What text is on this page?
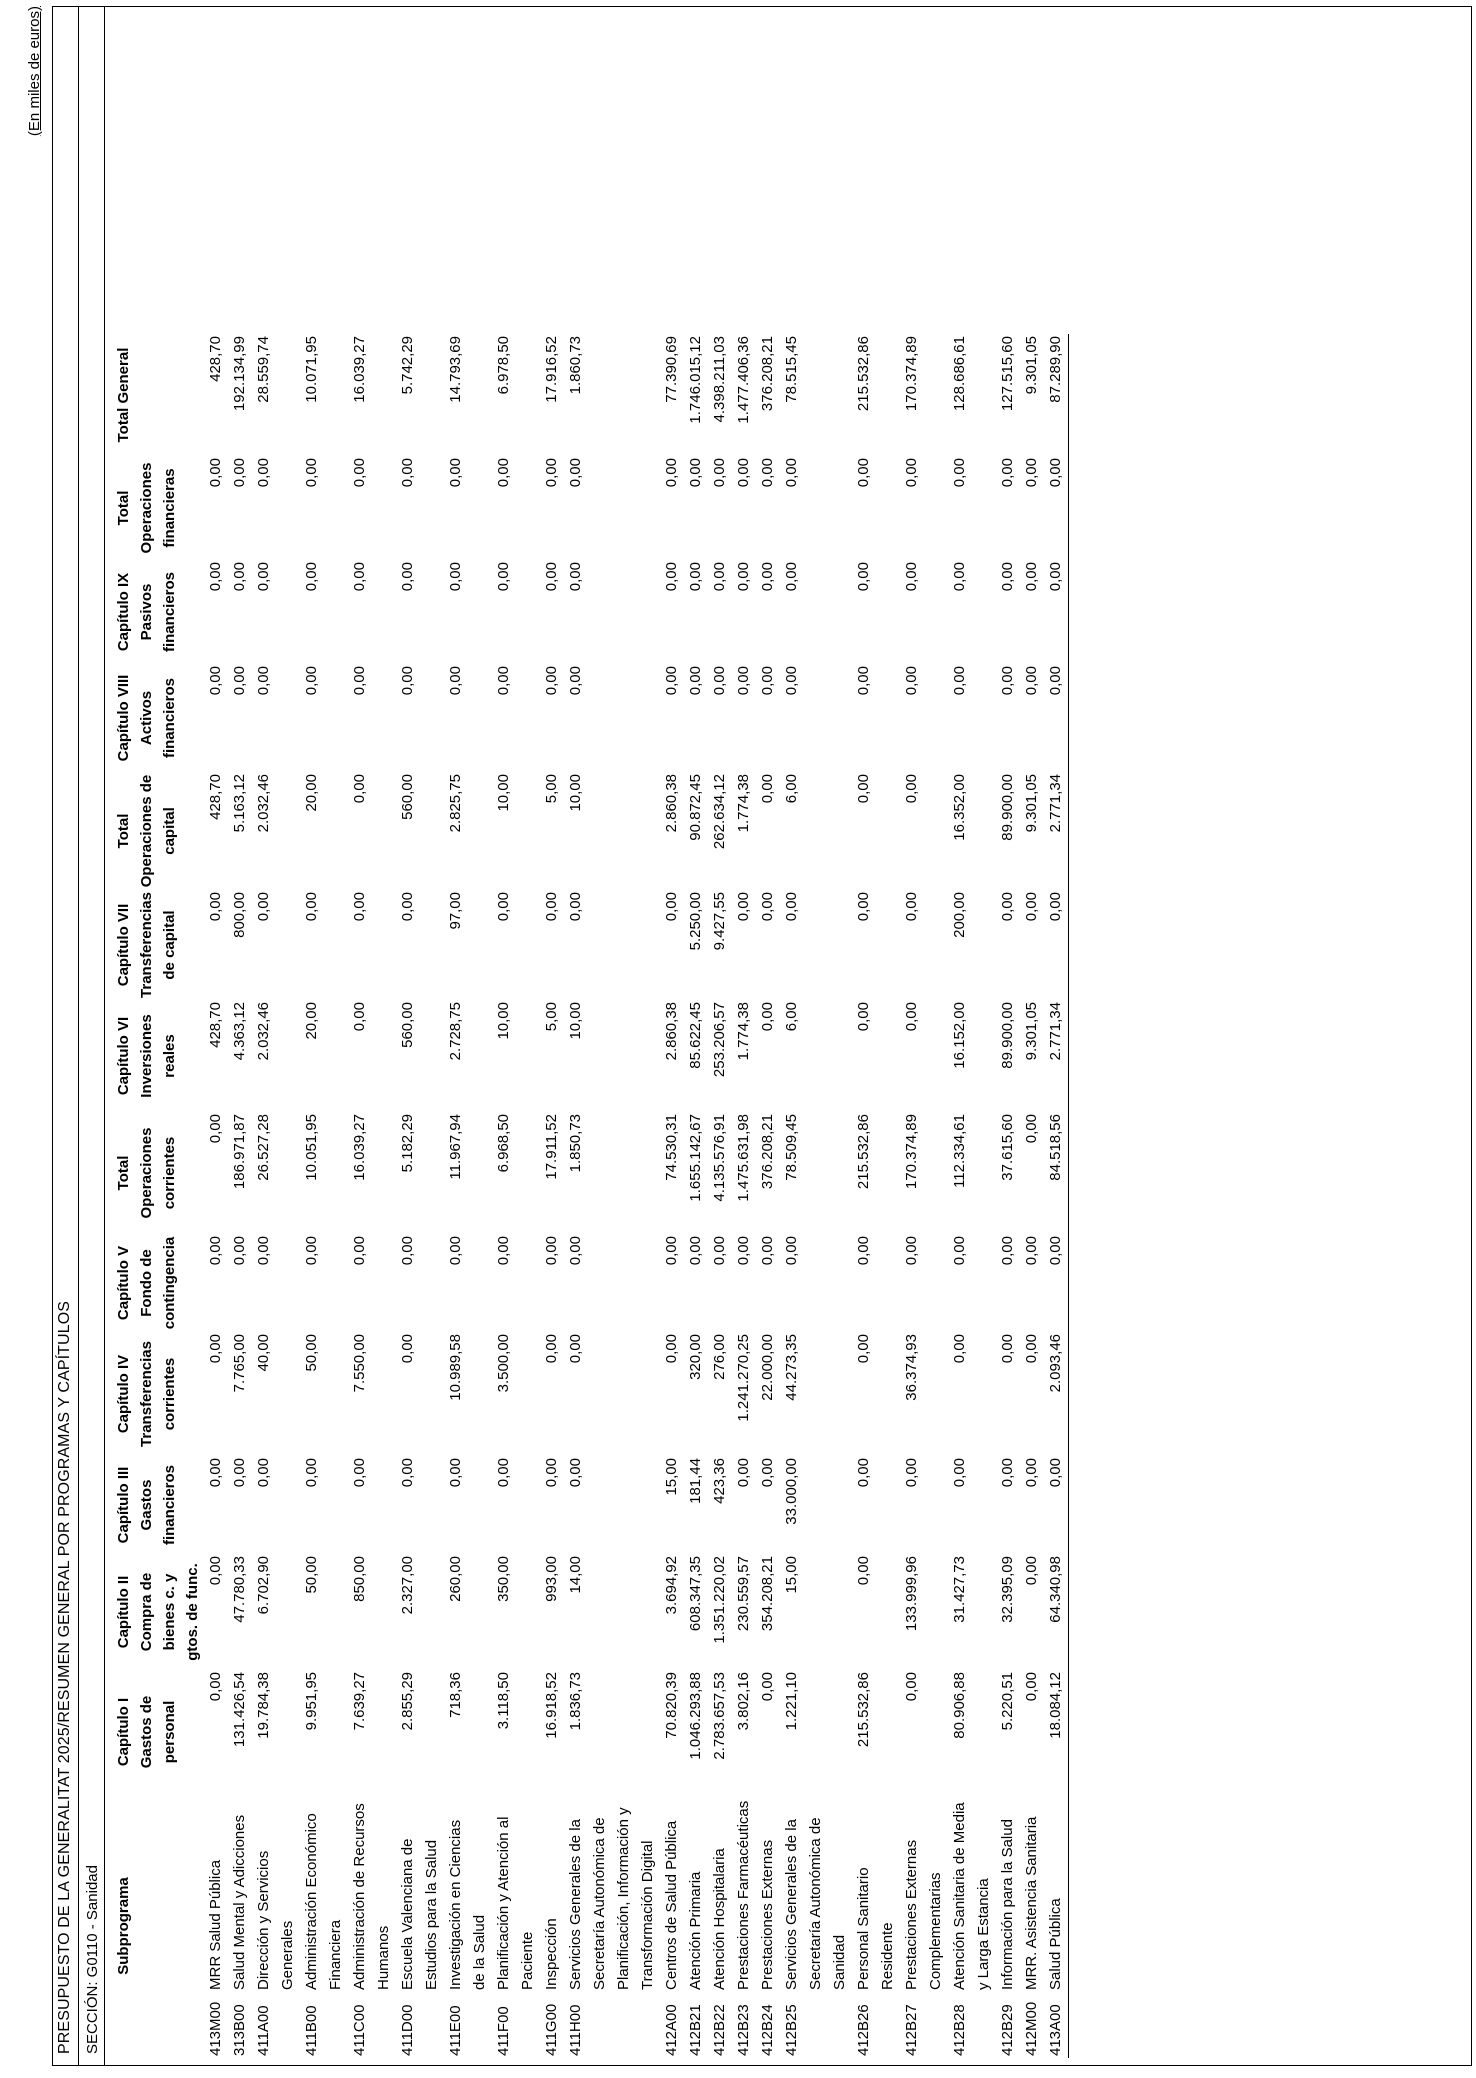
(En miles de euros)
PRESUPUESTO DE LA GENERALITAT 2025/RESUMEN GENERAL POR PROGRAMAS Y CAPÍTULOS SECCIÓN: G0110 - Sanidad Subprograma		Capítulo I Gastos de personal	Capítulo II Compra de bienes c. y gtos. de func.	Capítulo III Gastos financieros	Capítulo IV Transferencias corrientes	Capítulo V Fondo de contingencia	Total Operaciones corrientes	Capítulo VI Inversiones reales	Capítulo VII Transferencias de capital	Total Operaciones de capital	Capítulo VIII Activos financieros	Capítulo IX Pasivos financieros	Total Operaciones financieras	Total General
413M00	MRR Salud Pública	0,00	0,00	0,00	0,00	0,00	0,00	428,70	0,00	428,70	0,00	0,00	0,00	428,70
313B00	Salud Mental y Adicciones	131.426,54	47.780,33	0,00	7.765,00	0,00	186.971,87	4.363,12	800,00	5.163,12	0,00	0,00	0,00	192.134,99
411A00	Dirección y Servicios Generales	19.784,38	6.702,90	0,00	40,00	0,00	26.527,28	2.032,46	0,00	2.032,46	0,00	0,00	0,00	28.559,74
411B00	Administración Económico Financiera	9.951,95	50,00	0,00	50,00	0,00	10.051,95	20,00	0,00	20,00	0,00	0,00	0,00	10.071,95
411C00	Administración de Recursos Humanos	7.639,27	850,00	0,00	7.550,00	0,00	16.039,27	0,00	0,00	0,00	0,00	0,00	0,00	16.039,27
411D00	Escuela Valenciana de Estudios para la Salud	2.855,29	2.327,00	0,00	0,00	0,00	5.182,29	560,00	0,00	560,00	0,00	0,00	0,00	5.742,29
411E00	Investigación en Ciencias de la Salud	718,36	260,00	0,00	10.989,58	0,00	11.967,94	2.728,75	97,00	2.825,75	0,00	0,00	0,00	14.793,69
411F00	Planificación y Atención al Paciente	3.118,50	350,00	0,00	3.500,00	0,00	6.968,50	10,00	0,00	10,00	0,00	0,00	0,00	6.978,50
411G00	Inspección	16.918,52	993,00	0,00	0,00	0,00	17.911,52	5,00	0,00	5,00	0,00	0,00	0,00	17.916,52
411H00	Servicios Generales de la Secretaría Autonómica de Planificación, Información y Transformación Digital	1.836,73	14,00	0,00	0,00	0,00	1.850,73	10,00	0,00	10,00	0,00	0,00	0,00	1.860,73
412A00	Centros de Salud Pública	70.820,39	3.694,92	15,00	0,00	0,00	74.530,31	2.860,38	0,00	2.860,38	0,00	0,00	0,00	77.390,69
412B21	Atención Primaria	1.046.293,88	608.347,35	181,44	320,00	0,00	1.655.142,67	85.622,45	5.250,00	90.872,45	0,00	0,00	0,00	1.746.015,12
412B22	Atención Hospitalaria	2.783.657,53	1.351.220,02	423,36	276,00	0,00	4.135.576,91	253.206,57	9.427,55	262.634,12	0,00	0,00	0,00	4.398.211,03
412B23	Prestaciones Farmacéuticas	3.802,16	230.559,57	0,00	1.241.270,25	0,00	1.475.631,98	1.774,38	0,00	1.774,38	0,00	0,00	0,00	1.477.406,36
412B24	Prestaciones Externas	0,00	354.208,21	0,00	22.000,00	0,00	376.208,21	0,00	0,00	0,00	0,00	0,00	0,00	376.208,21
412B25	Servicios Generales de la Secretaría Autonómica de Sanidad	1.221,10	15,00	33.000,00	44.273,35	0,00	78.509,45	6,00	0,00	6,00	0,00	0,00	0,00	78.515,45
412B26	Personal Sanitario Residente	215.532,86	0,00	0,00	0,00	0,00	215.532,86	0,00	0,00	0,00	0,00	0,00	0,00	215.532,86
412B27	Prestaciones Externas Complementarias	0,00	133.999,96	0,00	36.374,93	0,00	170.374,89	0,00	0,00	0,00	0,00	0,00	0,00	170.374,89
412B28	Atención Sanitaria de Media y Larga Estancia	80.906,88	31.427,73	0,00	0,00	0,00	112.334,61	16.152,00	200,00	16.352,00	0,00	0,00	0,00	128.686,61
412B29	Información para la Salud	5.220,51	32.395,09	0,00	0,00	0,00	37.615,60	89.900,00	0,00	89.900,00	0,00	0,00	0,00	127.515,60
412M00	MRR. Asistencia Sanitaria	0,00	0,00	0,00	0,00	0,00	0,00	9.301,05	0,00	9.301,05	0,00	0,00	0,00	9.301,05
413A00	Salud Pública	18.084,12	64.340,98	0,00	2.093,46	0,00	84.518,56	2.771,34	0,00	2.771,34	0,00	0,00	0,00	87.289,90
